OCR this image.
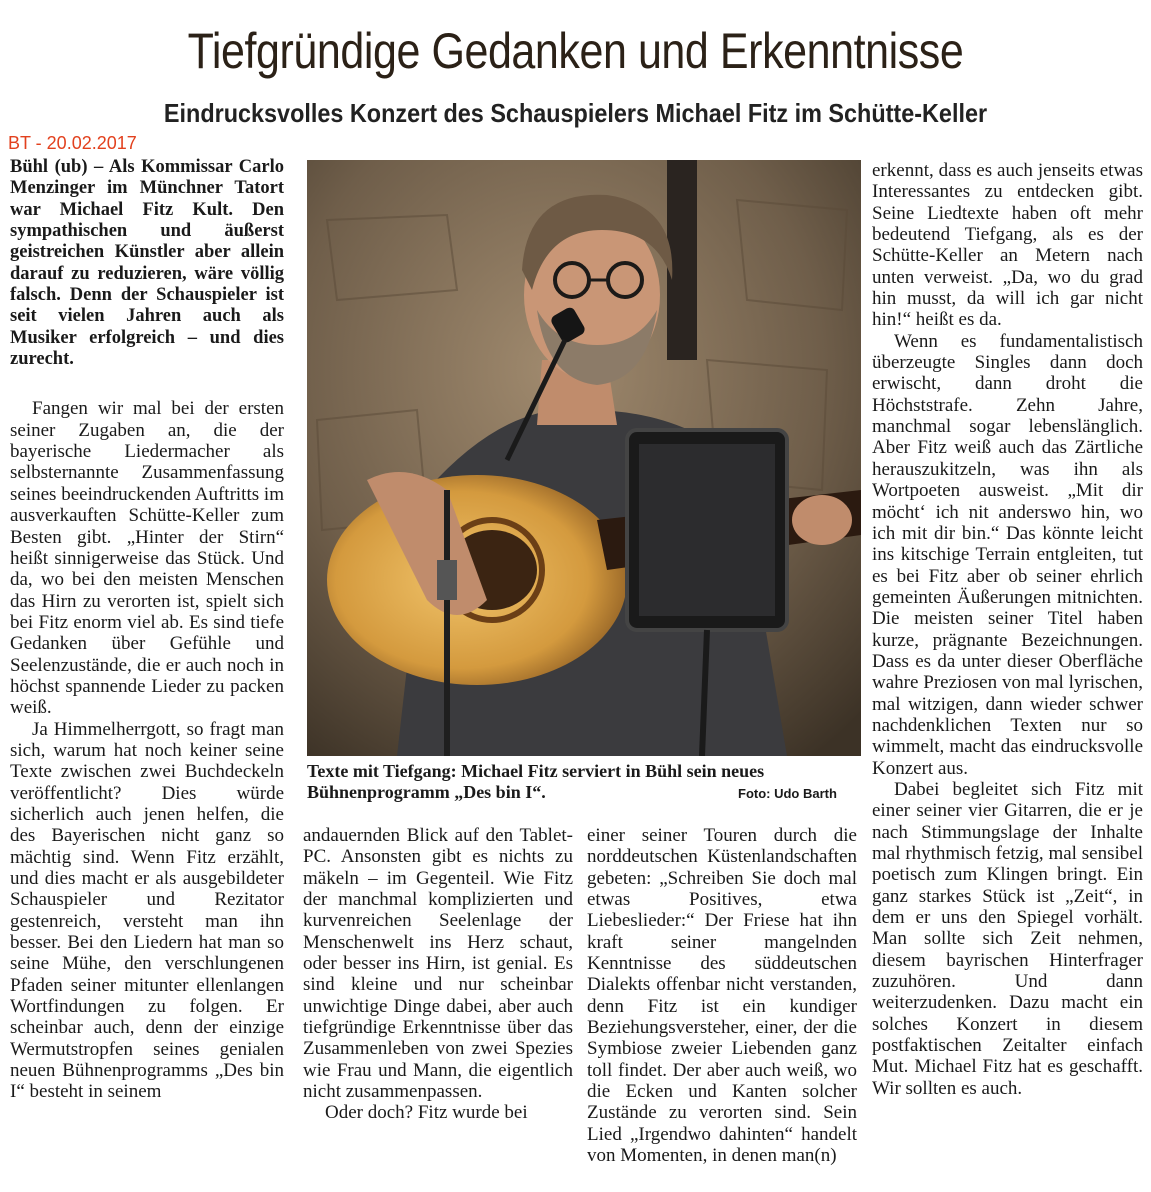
Tiefgründige Gedanken und Erkenntnisse
Eindrucksvolles Konzert des Schauspielers Michael Fitz im Schütte-Keller
BT - 20.02.2017

Bühl (ub) – Als Kommissar Carlo Menzinger im Münchner Tatort war Michael Fitz Kult. Den sympathischen und äußerst geistreichen Künstler aber allein darauf zu reduzieren, wäre völlig falsch. Denn der Schauspieler ist seit vielen Jahren auch als Musiker erfolgreich – und dies zurecht.

Fangen wir mal bei der ersten seiner Zugaben an, die der bayerische Liedermacher als selbsternannte Zusammenfassung seines beeindruckenden Auftritts im ausverkauften Schütte-Keller zum Besten gibt. „Hinter der Stirn“ heißt sinnigerweise das Stück. Und da, wo bei den meisten Menschen das Hirn zu verorten ist, spielt sich bei Fitz enorm viel ab. Es sind tiefe Gedanken über Gefühle und Seelenzustände, die er auch noch in höchst spannende Lieder zu packen weiß.

Ja Himmelherrgott, so fragt man sich, warum hat noch keiner seine Texte zwischen zwei Buchdeckeln veröffentlicht? Dies würde sicherlich auch jenen helfen, die des Bayerischen nicht ganz so mächtig sind. Wenn Fitz erzählt, und dies macht er als ausgebildeter Schauspieler und Rezitator gestenreich, versteht man ihn besser. Bei den Liedern hat man so seine Mühe, den verschlungenen Pfaden seiner mitunter ellenlangen Wortfindungen zu folgen. Er scheinbar auch, denn der einzige Wermutstropfen seines genialen neuen Bühnenprogramms „Des bin I“ besteht in seinem

Texte mit Tiefgang: Michael Fitz serviert in Bühl sein neues Bühnenprogramm „Des bin I“.	Foto: Udo Barth

andauernden Blick auf den Tablet-PC. Ansonsten gibt es nichts zu mäkeln – im Gegenteil. Wie Fitz der manchmal komplizierten und kurvenreichen Seelenlage der Menschenwelt ins Herz schaut, oder besser ins Hirn, ist genial. Es sind kleine und nur scheinbar unwichtige Dinge dabei, aber auch tiefgründige Erkenntnisse über das Zusammenleben von zwei Spezies wie Frau und Mann, die eigentlich nicht zusammenpassen.

Oder doch? Fitz wurde bei

einer seiner Touren durch die norddeutschen Küstenlandschaften gebeten: „Schreiben Sie doch mal etwas Positives, etwa Liebeslieder:“ Der Friese hat ihn kraft seiner mangelnden Kenntnisse des süddeutschen Dialekts offenbar nicht verstanden, denn Fitz ist ein kundiger Beziehungsversteher, einer, der die Symbiose zweier Liebenden ganz toll findet. Der aber auch weiß, wo die Ecken und Kanten solcher Zustände zu verorten sind. Sein Lied „Irgendwo dahinten“ handelt von Momenten, in denen man(n)

erkennt, dass es auch jenseits etwas Interessantes zu entdecken gibt. Seine Liedtexte haben oft mehr bedeutend Tiefgang, als es der Schütte-Keller an Metern nach unten verweist. „Da, wo du grad hin musst, da will ich gar nicht hin!“ heißt es da.

Wenn es fundamentalistisch überzeugte Singles dann doch erwischt, dann droht die Höchststrafe. Zehn Jahre, manchmal sogar lebenslänglich. Aber Fitz weiß auch das Zärtliche herauszukitzeln, was ihn als Wortpoeten ausweist. „Mit dir möcht‘ ich nit anderswo hin, wo ich mit dir bin.“ Das könnte leicht ins kitschige Terrain entgleiten, tut es bei Fitz aber ob seiner ehrlich gemeinten Äußerungen mitnichten. Die meisten seiner Titel haben kurze, prägnante Bezeichnungen. Dass es da unter dieser Oberfläche wahre Preziosen von mal lyrischen, mal witzigen, dann wieder schwer nachdenklichen Texten nur so wimmelt, macht das eindrucksvolle Konzert aus.

Dabei begleitet sich Fitz mit einer seiner vier Gitarren, die er je nach Stimmungslage der Inhalte mal rhythmisch fetzig, mal sensibel poetisch zum Klingen bringt. Ein ganz starkes Stück ist „Zeit“, in dem er uns den Spiegel vorhält. Man sollte sich Zeit nehmen, diesem bayrischen Hinterfrager zuzuhören. Und dann weiterzudenken. Dazu macht ein solches Konzert in diesem postfaktischen Zeitalter einfach Mut. Michael Fitz hat es geschafft. Wir sollten es auch.
